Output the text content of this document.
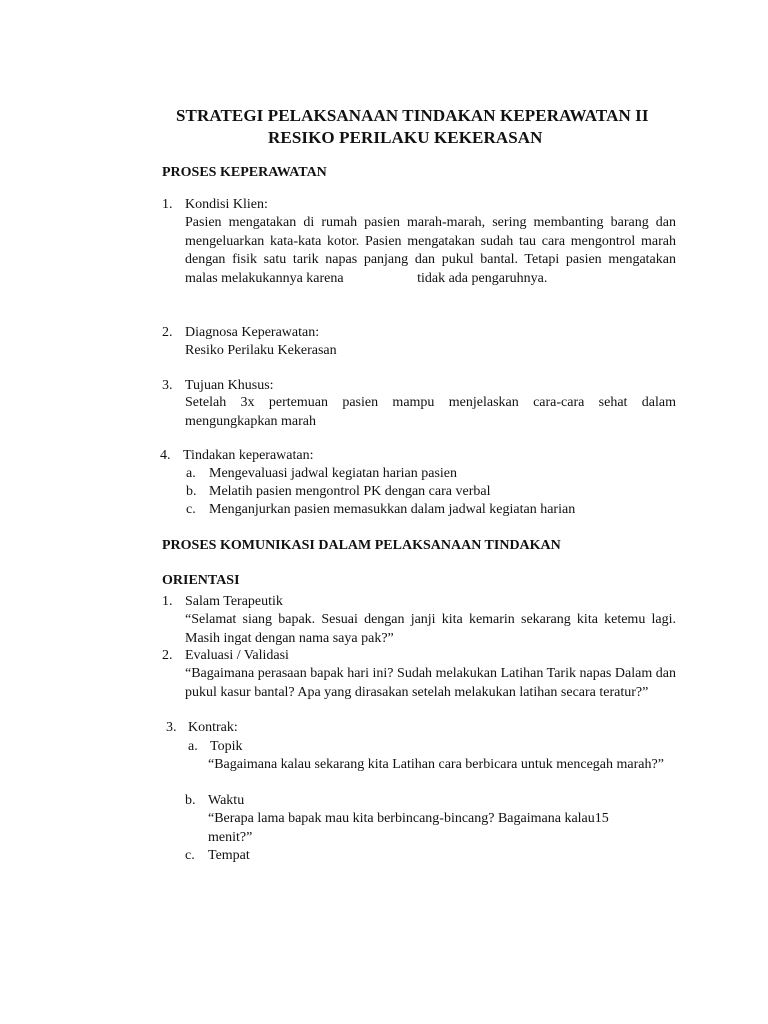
STRATEGI PELAKSANAAN TINDAKAN KEPERAWATAN II
RESIKO PERILAKU KEKERASAN
PROSES KEPERAWATAN
1. Kondisi Klien:
Pasien mengatakan di rumah pasien marah-marah, sering membanting barang dan mengeluarkan kata-kata kotor. Pasien mengatakan sudah tau cara mengontrol marah dengan fisik satu tarik napas panjang dan pukul bantal. Tetapi pasien mengatakan malas melakukannya karena	tidak ada pengaruhnya.
2. Diagnosa Keperawatan:
Resiko Perilaku Kekerasan
3. Tujuan Khusus:
Setelah 3x pertemuan pasien mampu menjelaskan cara-cara sehat dalam mengungkapkan marah
4. Tindakan keperawatan:
a. Mengevaluasi jadwal kegiatan harian pasien
b. Melatih pasien mengontrol PK dengan cara verbal
c. Menganjurkan pasien memasukkan dalam jadwal kegiatan harian
PROSES KOMUNIKASI DALAM PELAKSANAAN TINDAKAN
ORIENTASI
1. Salam Terapeutik
“Selamat siang bapak. Sesuai dengan janji kita kemarin sekarang kita ketemu lagi. Masih ingat dengan nama saya pak?”
2. Evaluasi / Validasi
“Bagaimana perasaan bapak hari ini? Sudah melakukan Latihan Tarik napas Dalam dan pukul kasur bantal? Apa yang dirasakan setelah melakukan latihan secara teratur?”
3. Kontrak:
a. Topik
“Bagaimana kalau sekarang kita Latihan cara berbicara untuk mencegah marah?”
b. Waktu
“Berapa lama bapak mau kita berbincang-bincang? Bagaimana kalau15 menit?”
c. Tempat
